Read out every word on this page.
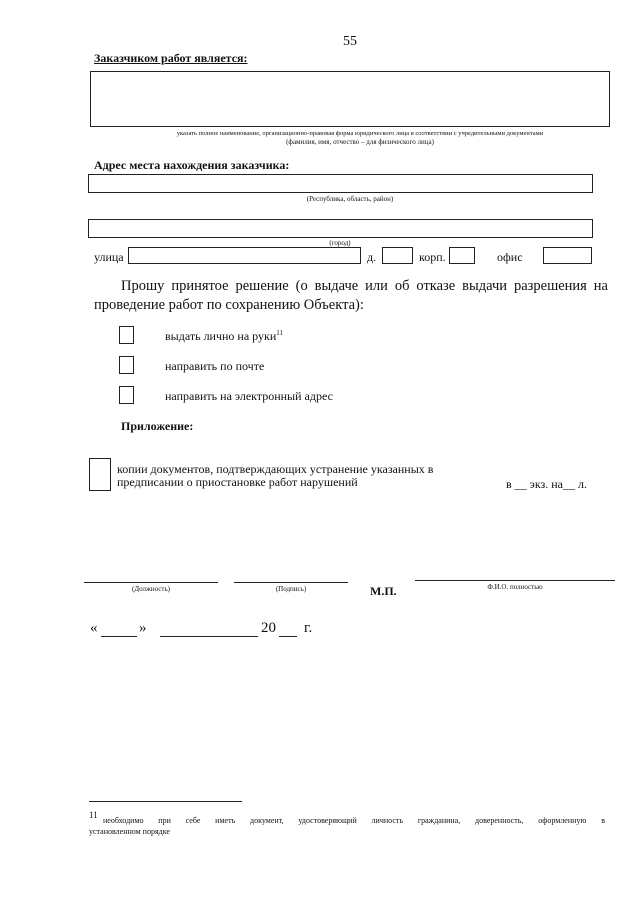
55
Заказчиком работ является:
указать полное наименование, организационно-правовая форма юридического лица в соответствии с учредительными документами
(фамилия, имя, отчество – для физического лица)
Адрес места нахождения заказчика:
(Республика, область, район)
(город)
улица	д.	корп.	офис
Прошу принятое решение (о выдаче или об отказе выдачи разрешения на
проведение работ по сохранению Объекта):
выдать лично на руки$^{11}$
направить по почте
направить на электронный адрес
Приложение:
копии документов, подтверждающих устранение указанных в
предписании о приостановке работ нарушений	в __ экз. на__ л.
(Должность)	(Подпись)	М.П.	Ф.И.О. полностью
«	»	20 г.
11
необходимо при себе иметь документ, удостоверяющий личность гражданина, доверенность, оформленную в
установленном порядке
